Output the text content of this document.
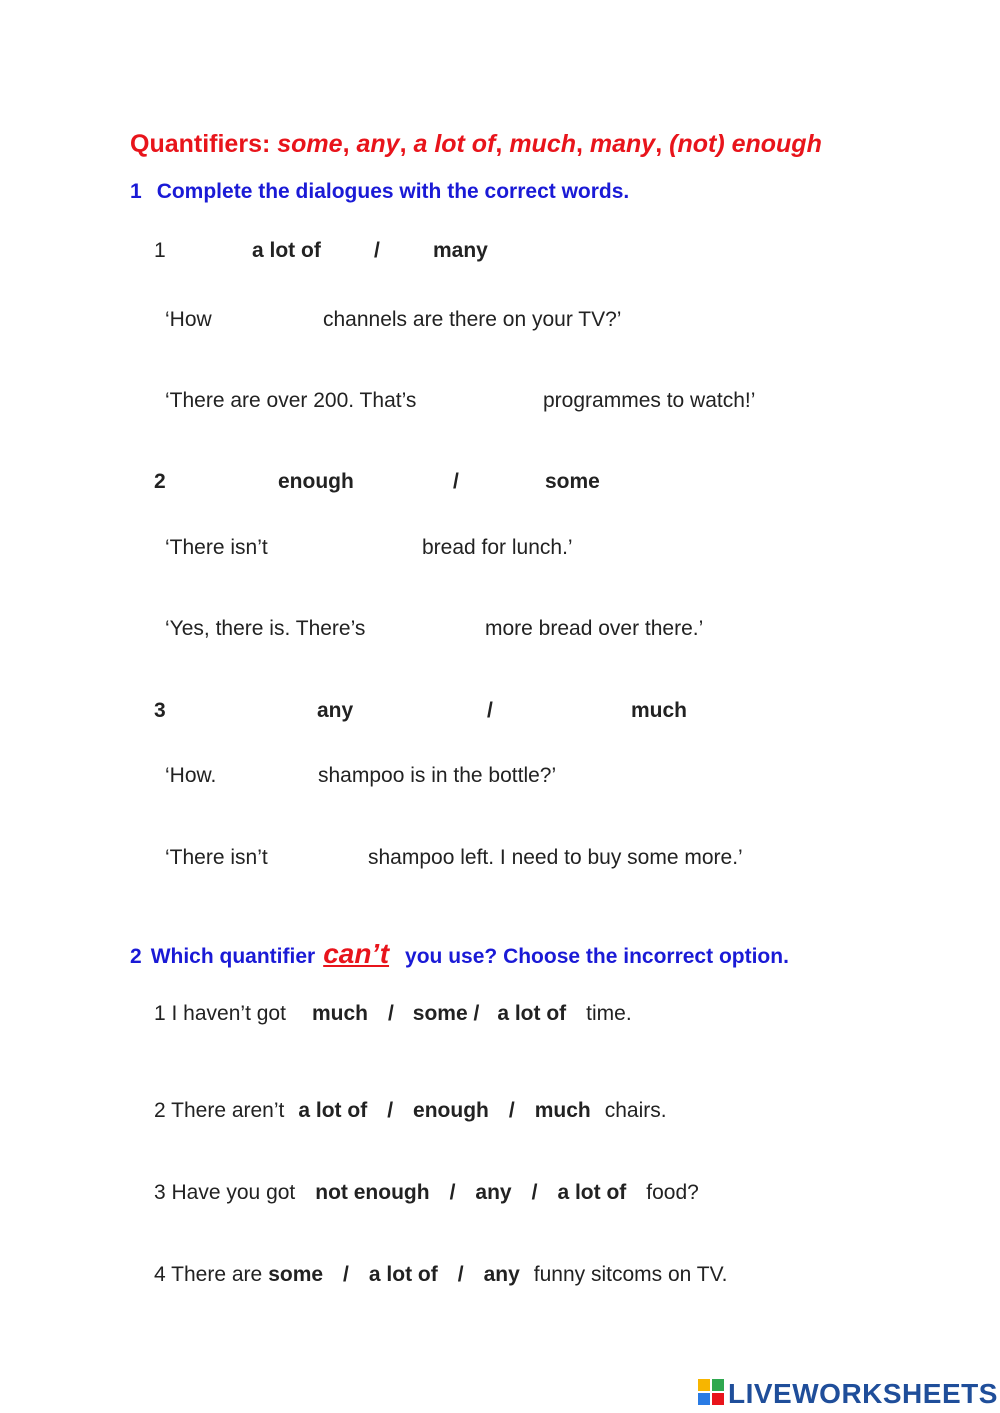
Quantifiers: some, any, a lot of, much, many, (not) enough
1 Complete the dialogues with the correct words.
1	a lot of	/	many
‘How	channels are there on your TV?’
‘There are over 200. That’s	programmes to watch!’
2	enough	/	some
‘There isn’t	bread for lunch.’
‘Yes, there is. There’s	more bread over there.’
3	any	/	much
‘How.	shampoo is in the bottle?’
‘There isn’t	shampoo left. I need to buy some more.’
2 Which quantifier can’t you use? Choose the incorrect option.
1 I haven’t got much / some / a lot of time.
2 There aren’t a lot of / enough / much chairs.
3 Have you got not enough / any / a lot of food?
4 There are some / a lot of / any funny sitcoms on TV.
LIVEWORKSHEETS
